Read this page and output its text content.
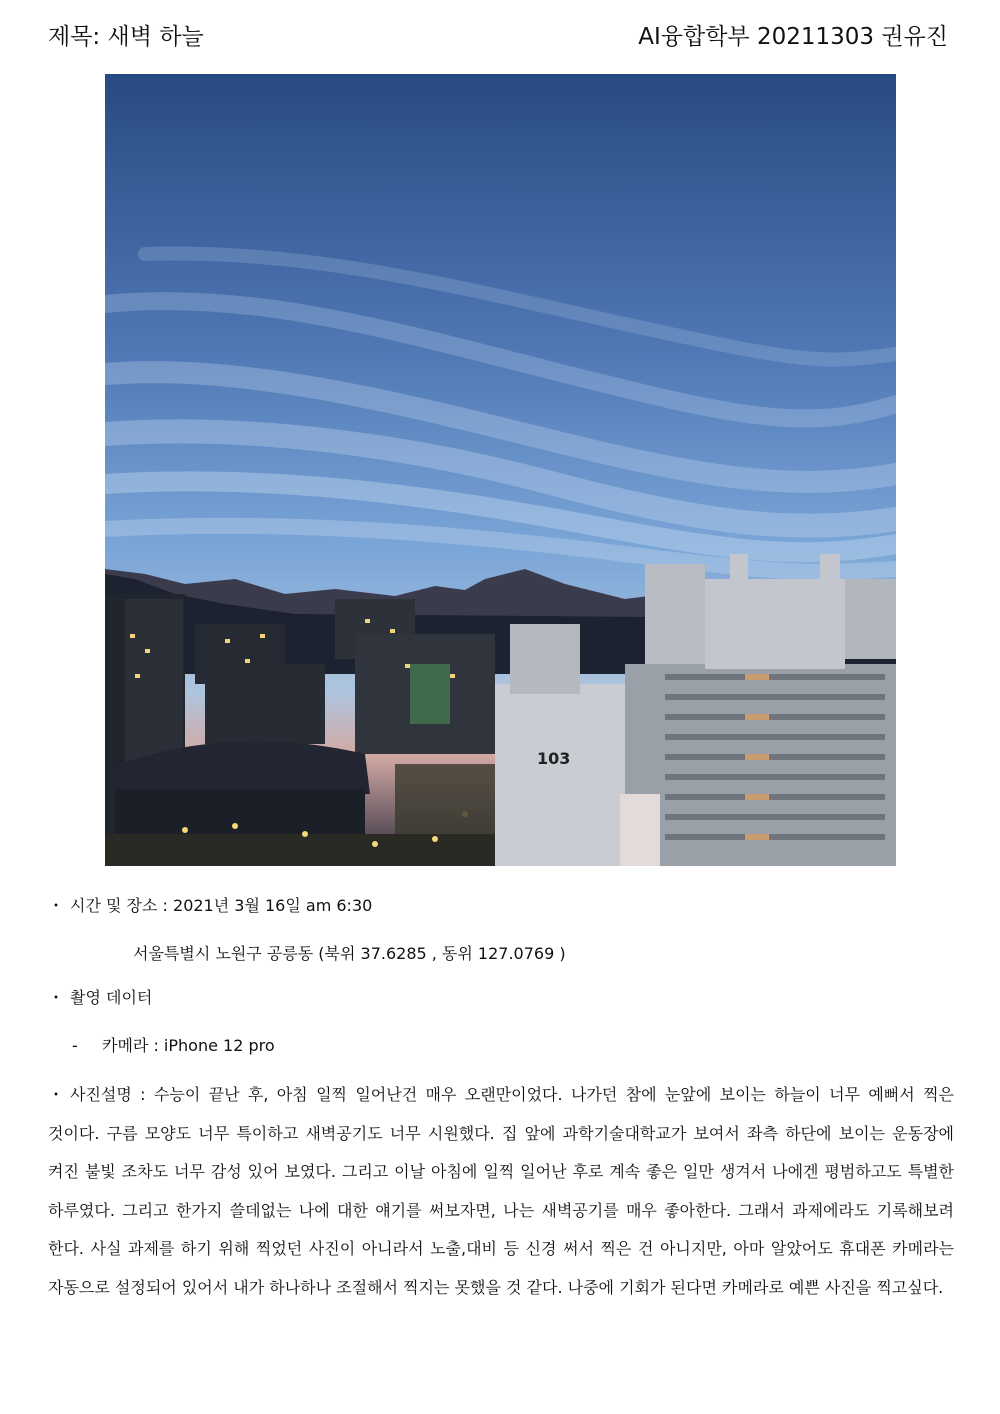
제목: 새벽 하늘	AI융합학부 20211303 권유진
103
・ 시간 및 장소 : 2021년 3월 16일 am 6:30
서울특별시 노원구 공릉동 (북위 37.6285 , 동위 127.0769 )
・ 촬영 데이터
- 카메라 : iPhone 12 pro
・ 사진설명 : 수능이 끝난 후, 아침 일찍 일어난건 매우 오랜만이었다. 나가던 참에 눈앞에 보이는 하늘이 너무 예뻐서 찍은 것이다. 구름 모양도 너무 특이하고 새벽공기도 너무 시원했다. 집 앞에 과학기술대학교가 보여서 좌측 하단에 보이는 운동장에 켜진 불빛 조차도 너무 감성 있어 보였다. 그리고 이날 아침에 일찍 일어난 후로 계속 좋은 일만 생겨서 나에겐 평범하고도 특별한 하루였다. 그리고 한가지 쓸데없는 나에 대한 얘기를 써보자면, 나는 새벽공기를 매우 좋아한다. 그래서 과제에라도 기록해보려 한다. 사실 과제를 하기 위해 찍었던 사진이 아니라서 노출,대비 등 신경 써서 찍은 건 아니지만, 아마 알았어도 휴대폰 카메라는 자동으로 설정되어 있어서 내가 하나하나 조절해서 찍지는 못했을 것 같다. 나중에 기회가 된다면 카메라로 예쁜 사진을 찍고싶다.
